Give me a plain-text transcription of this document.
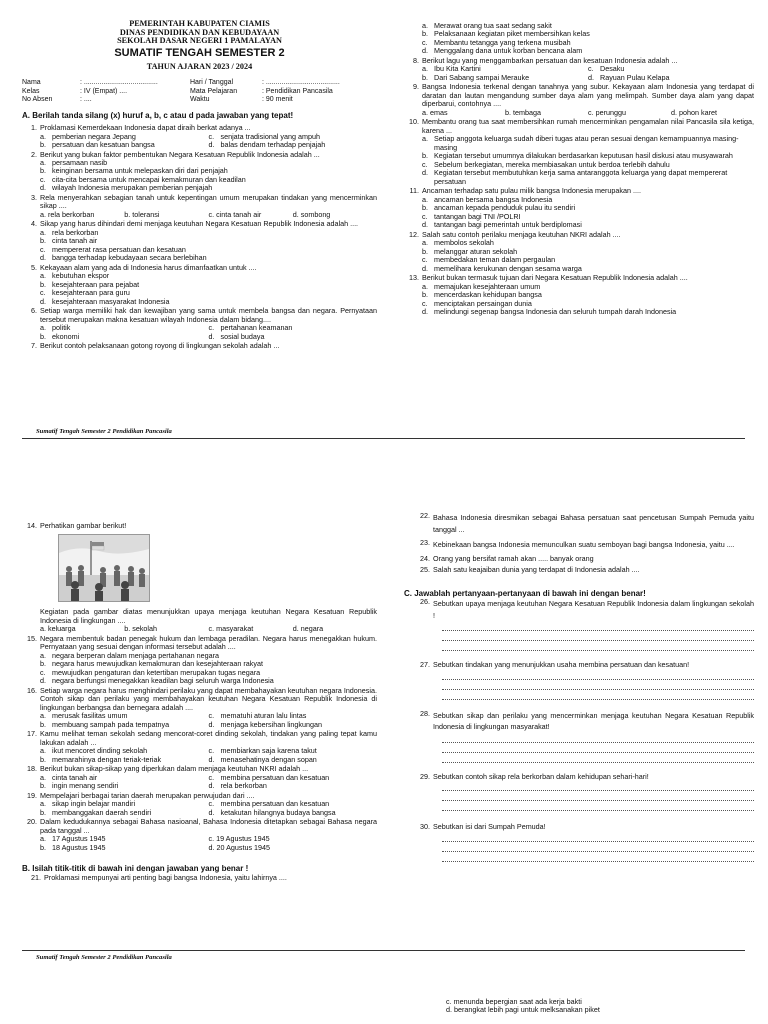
PEMERINTAH KABUPATEN CIAMIS
DINAS PENDIDIKAN DAN KEBUDAYAAN
SEKOLAH DASAR NEGERI 1 PAMALAYAN
SUMATIF TENGAH SEMESTER 2
TAHUN AJARAN 2023 / 2024
Nama	: ......................................	Hari / Tanggal	: ......................................
Kelas	: IV (Empat) ....	Mata Pelajaran	: Pendidikan Pancasila
No Absen	: ....	Waktu	: 90 menit
A. Berilah tanda silang (x) huruf a, b, c atau d pada jawaban yang tepat!
1. Proklamasi Kemerdekaan Indonesia dapat diraih berkat adanya ...
a. pemberian negara Jepang	c. senjata tradisional yang ampuh
b. persatuan dan kesatuan bangsa	d. balas dendam terhadap penjajah
2. Berikut yang bukan faktor pembentukan Negara Kesatuan Republik Indonesia adalah ...
a. persamaan nasib
b. keinginan bersama untuk melepaskan diri dari penjajah
c. cita-cita bersama untuk mencapai kemakmuran dan keadilan
d. wilayah Indonesia merupakan pemberian penjajah
3. Rela menyerahkan sebagian tanah untuk kepentingan umum merupakan tindakan yang mencerminkan sikap ....
a. rela berkorban	b. toleransi	c. cinta tanah air	d. sombong
4. Sikap yang harus dihindari demi menjaga keutuhan Negara Kesatuan Republik Indonesia adalah ....
a. rela berkorban
b. cinta tanah air
c. mempererat rasa persatuan dan kesatuan
d. bangga terhadap kebudayaan secara berlebihan
5. Kekayaan alam yang ada di Indonesia harus dimanfaatkan untuk ....
a. kebutuhan ekspor
b. kesejahteraan para pejabat
c. kesejahteraan para guru
d. kesejahteraan masyarakat Indonesia
6. Setiap warga memiliki hak dan kewajiban yang sama untuk membela bangsa dan negara. Pernyataan tersebut merupakan makna kesatuan wilayah Indonesia dalam bidang....
a. politik	c. pertahanan keamanan
b. ekonomi	d. sosial budaya
7. Berikut contoh pelaksanaan gotong royong di lingkungan sekolah adalah ...
a. Merawat orang tua saat sedang sakit
b. Pelaksanaan kegiatan piket membersihkan kelas
c. Membantu tetangga yang terkena musibah
d. Menggalang dana untuk korban bencana alam
8. Berikut lagu yang menggambarkan persatuan dan kesatuan Indonesia adalah ...
a. Ibu Kita Kartini	c. Desaku
b. Dari Sabang sampai Merauke	d. Rayuan Pulau Kelapa
9. Bangsa Indonesia terkenal dengan tanahnya yang subur. Kekayaan alam Indonesia yang terdapat di daratan dan lautan mengandung sumber daya alam yang melimpah. Sumber daya alam yang dapat diperbarui, contohnya ....
a. emas	b. tembaga	c. perunggu	d. pohon karet
10. Membantu orang tua saat membersihkan rumah mencerminkan pengamalan nilai Pancasila sila ketiga, karena ...
a. Setiap anggota keluarga sudah diberi tugas atau peran sesuai dengan kemampuannya masing-masing
b. Kegiatan tersebut umumnya dilakukan berdasarkan keputusan hasil diskusi atau musyawarah
c. Sebelum berkegiatan, mereka membiasakan untuk berdoa terlebih dahulu
d. Kegiatan tersebut membutuhkan kerja sama antaranggota keluarga yang dapat mempererat persatuan
11. Ancaman terhadap satu pulau milik bangsa Indonesia merupakan ....
a. ancaman bersama bangsa Indonesia
b. ancaman kepada penduduk pulau itu sendiri
c. tantangan bagi TNI /POLRI
d. tantangan bagi pemerintah untuk berdiplomasi
12. Salah satu contoh perilaku menjaga keutuhan NKRI adalah ....
a. membolos sekolah
b. melanggar aturan sekolah
c. membedakan teman dalam pergaulan
d. memelihara kerukunan dengan sesama warga
13. Berikut bukan termasuk tujuan dari Negara Kesatuan Republik Indonesia adalah ....
a. memajukan kesejahteraan umum
b. mencerdaskan kehidupan bangsa
c. menciptakan persaingan dunia
d. melindungi segenap bangsa Indonesia dan seluruh tumpah darah Indonesia
Sumatif Tengah Semester 2 Pendidikan Pancasila
14. Perhatikan gambar berikut!
Kegiatan pada gambar diatas menunjukkan upaya menjaga keutuhan Negara Kesatuan Republik Indonesia di lingkungan ....
a. keluarga	b. sekolah	c. masyarakat	d. negara
15. Negara membentuk badan penegak hukum dan lembaga peradilan. Negara harus menegakkan hukum. Pernyataan yang sesuai dengan informasi tersebut adalah ....
a. negara berperan dalam menjaga pertahanan negara
b. negara harus mewujudkan kemakmuran dan kesejahteraan rakyat
c. mewujudkan pengaturan dan ketertiban merupakan tugas negara
d. negara berfungsi menegakkan keadilan bagi seluruh warga Indonesia
16. Setiap warga negara harus menghindari perilaku yang dapat membahayakan keutuhan negara Indonesia. Contoh sikap dan perilaku yang membahayakan keutuhan Negara Kesatuan Republik Indonesia di lingkungan berbangsa dan bernegara adalah ....
a. merusak fasilitas umum	c. mematuhi aturan lalu lintas
b. membuang sampah pada tempatnya	d. menjaga kebersihan lingkungan
17. Kamu melihat teman sekolah sedang mencorat-coret dinding sekolah, tindakan yang paling tepat kamu lakukan adalah ...
a. ikut mencoret dinding sekolah	c. membiarkan saja karena takut
b. memarahinya dengan teriak-teriak	d. menasehatinya dengan sopan
18. Berikut bukan sikap-sikap yang diperlukan dalam menjaga keutuhan NKRI adalah ...
a. cinta tanah air	c. membina persatuan dan kesatuan
b. ingin menang sendiri	d. rela berkorban
19. Mempelajari berbagai tarian daerah merupakan perwujudan dari ....
a. sikap ingin belajar mandiri	c. membina persatuan dan kesatuan
b. membanggakan daerah sendiri	d. ketakutan hilangnya budaya bangsa
20. Dalam kedudukannya sebagai Bahasa nasioanal, Bahasa Indonesia ditetapkan sebagai Bahasa negara pada tanggal ...
a. 17 Agustus 1945	c. 19 Agustus 1945
b. 18 Agustus 1945	d. 20 Agustus 1945
B. Isilah titik-titik di bawah ini dengan jawaban yang benar !
21. Proklamasi mempunyai arti penting bagi bangsa Indonesia, yaitu lahirnya ....
22. Bahasa Indonesia diresmikan sebagai Bahasa persatuan saat pencetusan Sumpah Pemuda yaitu tanggal ...
23. Kebinekaan bangsa Indonesia memunculkan suatu semboyan bagi bangsa Indonesia, yaitu ....
24. Orang yang bersifat ramah akan ..... banyak orang
25. Salah satu keajaiban dunia yang terdapat di Indonesia adalah ....
C. Jawablah pertanyaan-pertanyaan di bawah ini dengan benar!
26. Sebutkan upaya menjaga keutuhan Negara Kesatuan Republik Indonesia dalam lingkungan sekolah !
27. Sebutkan tindakan yang menunjukkan usaha membina persatuan dan kesatuan!
28. Sebutkan sikap dan perilaku yang mencerminkan menjaga keutuhan Negara Kesatuan Republik Indonesia di lingkungan masyarakat!
29. Sebutkan contoh sikap rela berkorban dalam kehidupan sehari-hari!
30. Sebutkan isi dari Sumpah Pemuda!
Sumatif Tengah Semester 2 Pendidikan Pancasila
c. menunda bepergian saat ada kerja bakti
d. berangkat lebih pagi untuk melksanakan piket
